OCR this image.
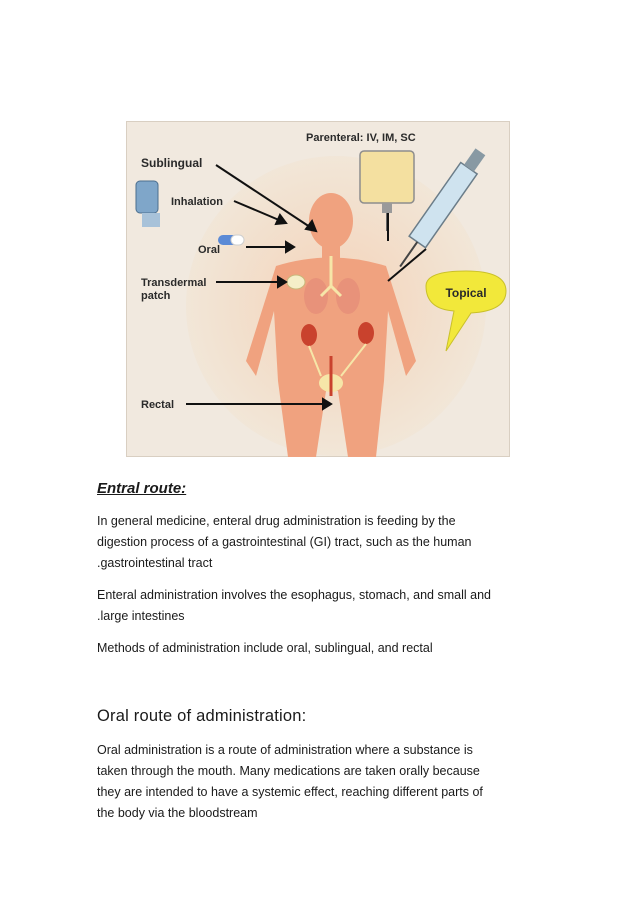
Topical
Parenteral: IV, IM, SC
Sublingual
Inhalation
Oral
Transdermal
patch
Rectal
Entral route:

In general medicine, enteral drug administration is feeding by the
digestion process of a gastrointestinal (GI) tract, such as the human
.gastrointestinal tract

Enteral administration involves the esophagus, stomach, and small and
.large intestines

Methods of administration include oral, sublingual, and rectal

Oral route of administration:

Oral administration is a route of administration where a substance is
taken through the mouth. Many medications are taken orally because
they are intended to have a systemic effect, reaching different parts of
the body via the bloodstream
